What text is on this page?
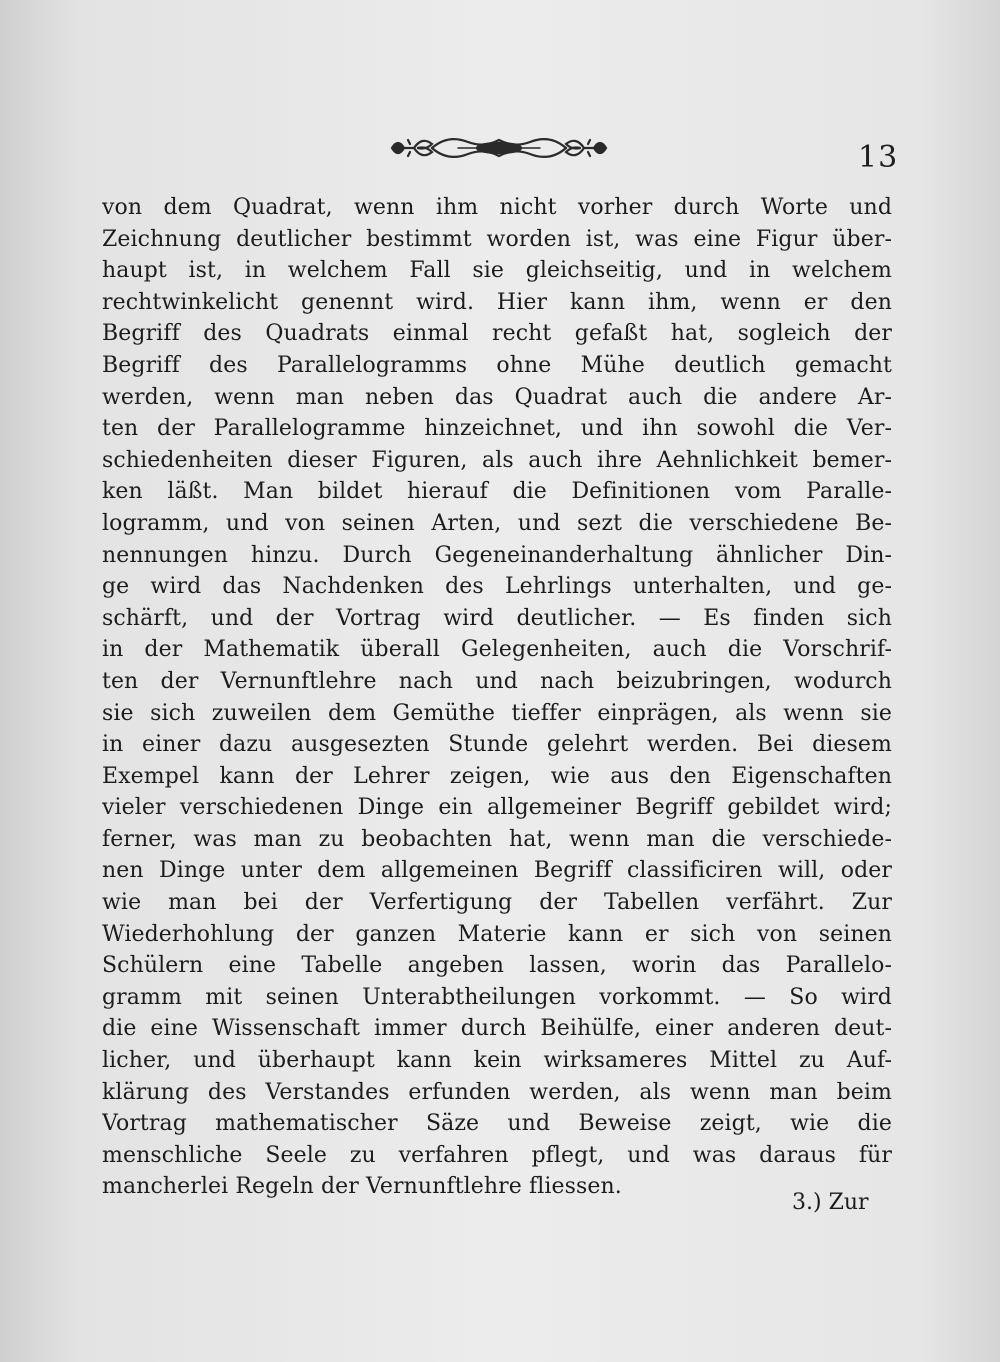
13
von dem Quadrat, wenn ihm nicht vorher durch Worte und
Zeichnung deutlicher bestimmt worden ist, was eine Figur über-
haupt ist, in welchem Fall sie gleichseitig, und in welchem
rechtwinkelicht genennt wird. Hier kann ihm, wenn er den
Begriff des Quadrats einmal recht gefaßt hat, sogleich der
Begriff des Parallelogramms ohne Mühe deutlich gemacht
werden, wenn man neben das Quadrat auch die andere Ar-
ten der Parallelogramme hinzeichnet, und ihn sowohl die Ver-
schiedenheiten dieser Figuren, als auch ihre Aehnlichkeit bemer-
ken läßt. Man bildet hierauf die Definitionen vom Paralle-
logramm, und von seinen Arten, und sezt die verschiedene Be-
nennungen hinzu. Durch Gegeneinanderhaltung ähnlicher Din-
ge wird das Nachdenken des Lehrlings unterhalten, und ge-
schärft, und der Vortrag wird deutlicher. — Es finden sich
in der Mathematik überall Gelegenheiten, auch die Vorschrif-
ten der Vernunftlehre nach und nach beizubringen, wodurch
sie sich zuweilen dem Gemüthe tieffer einprägen, als wenn sie
in einer dazu ausgesezten Stunde gelehrt werden. Bei diesem
Exempel kann der Lehrer zeigen, wie aus den Eigenschaften
vieler verschiedenen Dinge ein allgemeiner Begriff gebildet wird;
ferner, was man zu beobachten hat, wenn man die verschiede-
nen Dinge unter dem allgemeinen Begriff classificiren will, oder
wie man bei der Verfertigung der Tabellen verfährt. Zur
Wiederhohlung der ganzen Materie kann er sich von seinen
Schülern eine Tabelle angeben lassen, worin das Parallelo-
gramm mit seinen Unterabtheilungen vorkommt. — So wird
die eine Wissenschaft immer durch Beihülfe, einer anderen deut-
licher, und überhaupt kann kein wirksameres Mittel zu Auf-
klärung des Verstandes erfunden werden, als wenn man beim
Vortrag mathematischer Säze und Beweise zeigt, wie die
menschliche Seele zu verfahren pflegt, und was daraus für
mancherlei Regeln der Vernunftlehre fliessen.
3.) Zur
